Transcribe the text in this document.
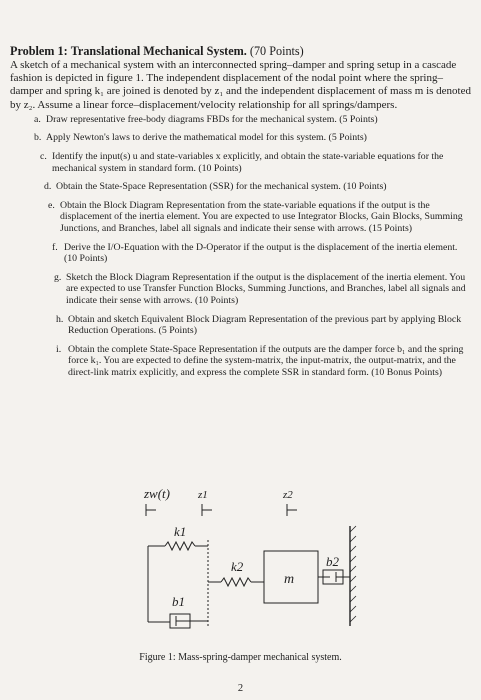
Problem 1: Translational Mechanical System. (70 Points)

A sketch of a mechanical system with an interconnected spring–damper and spring setup in a cascade fashion is depicted in figure 1. The independent displacement of the nodal point where the spring–damper and spring k₁ are joined is denoted by z₁ and the independent displacement of mass m is denoted by z₂. Assume a linear force–displacement/velocity relationship for all springs/dampers.

a. Draw representative free-body diagrams FBDs for the mechanical system. (5 Points)
b. Apply Newton's laws to derive the mathematical model for this system. (5 Points)
c. Identify the input(s) u and state-variables x explicitly, and obtain the state-variable equations for the mechanical system in standard form. (10 Points)
d. Obtain the State-Space Representation (SSR) for the mechanical system. (10 Points)
e. Obtain the Block Diagram Representation from the state-variable equations if the output is the displacement of the inertia element. You are expected to use Integrator Blocks, Gain Blocks, Summing Junctions, and Branches, label all signals and indicate their sense with arrows. (15 Points)
f. Derive the I/O-Equation with the D-Operator if the output is the displacement of the inertia element. (10 Points)
g. Sketch the Block Diagram Representation if the output is the displacement of the inertia element. You are expected to use Transfer Function Blocks, Summing Junctions, and Branches, label all signals and indicate their sense with arrows. (10 Points)
h. Obtain and sketch Equivalent Block Diagram Representation of the previous part by applying Block Reduction Operations. (5 Points)
i. Obtain the complete State-Space Representation if the outputs are the damper force b₁ and the spring force k₁. You are expected to define the system-matrix, the input-matrix, the output-matrix, and the direct-link matrix explicitly, and express the complete SSR in standard form. (10 Bonus Points)
zw(t)	z1	z2
k1
k2	b2
b1
m
Figure 1: Mass-spring-damper mechanical system.
2
